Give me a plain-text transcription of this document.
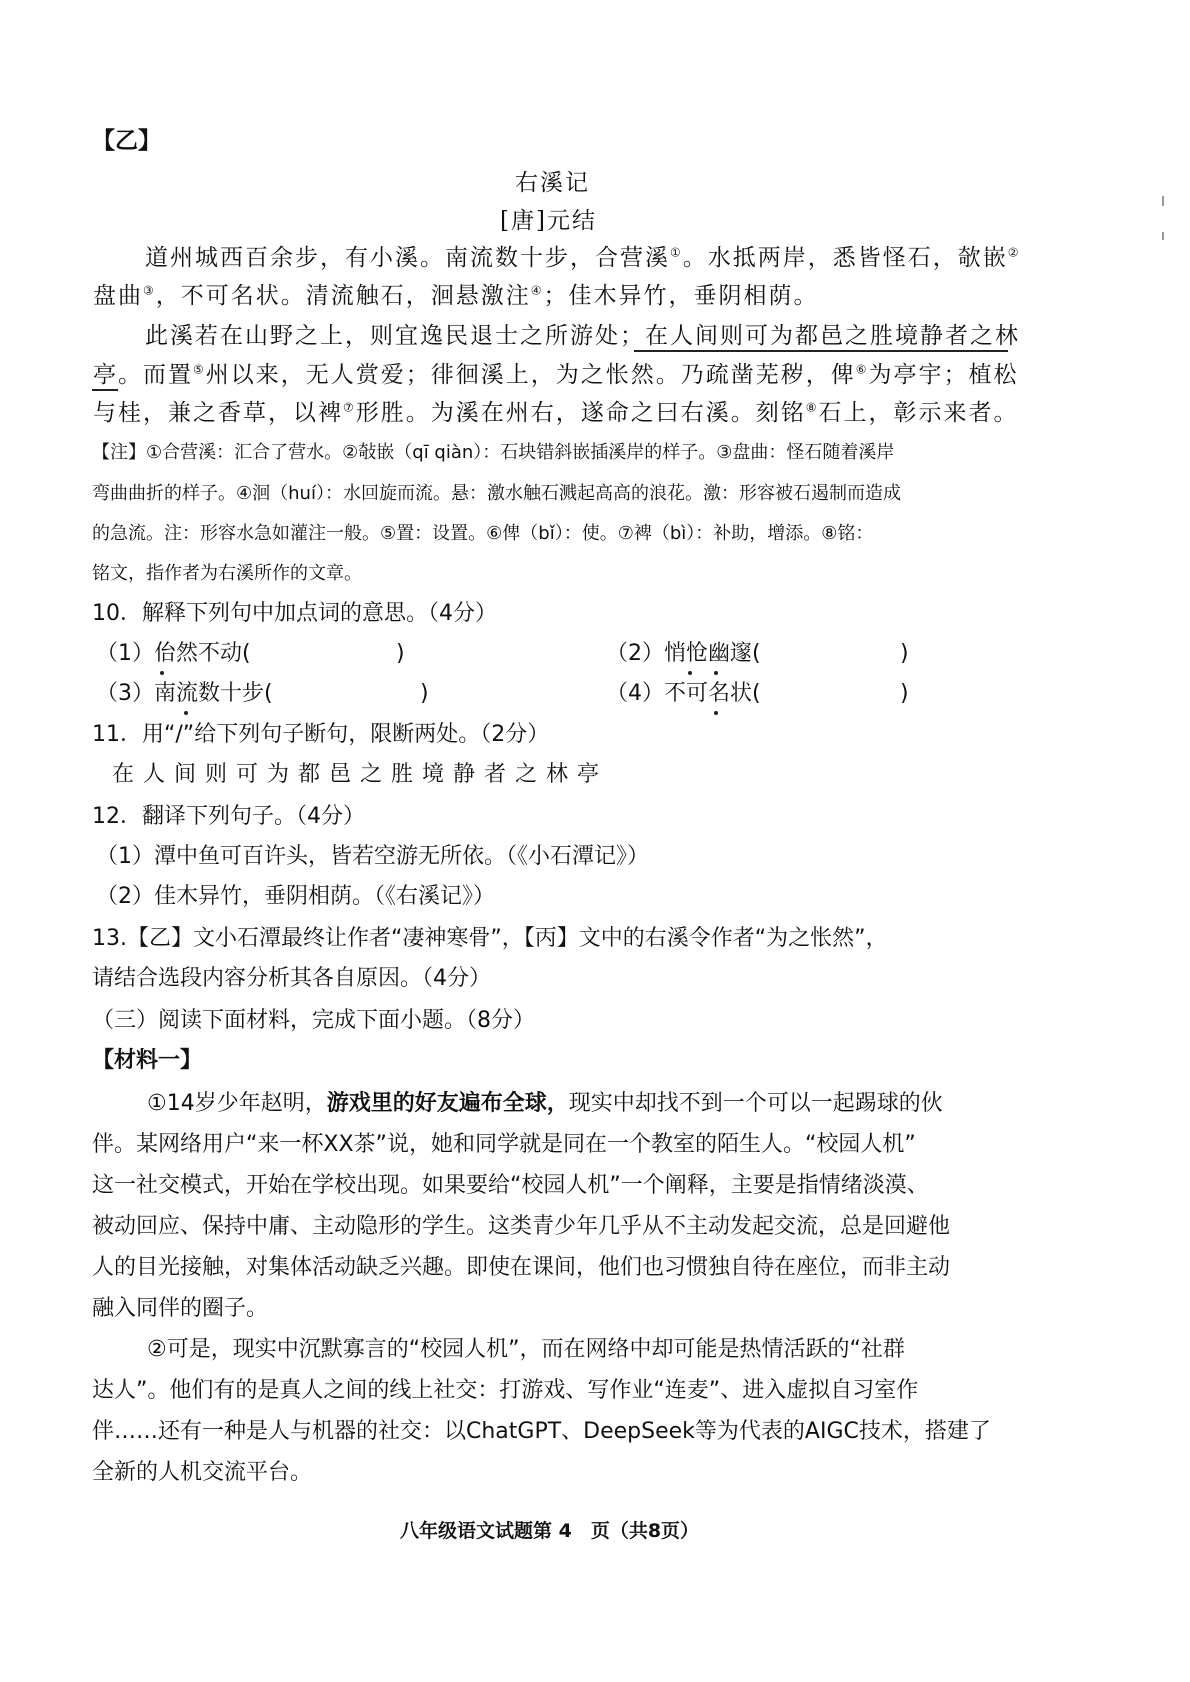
【乙】
右溪记
[唐]元结
道州城西百余步，有小溪。南流数十步，合营溪①。水抵两岸，悉皆怪石，欹嵌②
盘曲③，不可名状。清流触石，洄悬激注④；佳木异竹，垂阴相荫。
此溪若在山野之上，则宜逸民退士之所游处；在人间则可为都邑之胜境静者之林
亭。而置⑤州以来，无人赏爱；徘徊溪上，为之怅然。乃疏凿芜秽，俾⑥为亭宇；植松
与桂，兼之香草，以裨⑦形胜。为溪在州右，遂命之曰右溪。刻铭⑧石上，彰示来者。
【注】①合营溪：汇合了营水。②敧嵌（qī qiàn）：石块错斜嵌插溪岸的样子。③盘曲：怪石随着溪岸
弯曲曲折的样子。④洄（huí）：水回旋而流。悬：激水触石溅起高高的浪花。激：形容被石遏制而造成
的急流。注：形容水急如灌注一般。⑤置：设置。⑥俾（bǐ）：使。⑦裨（bì）：补助，增添。⑧铭：
铭文，指作者为右溪所作的文章。
10．解释下列句中加点词的意思。（4分）
（1）佁然不动(	)	（2）悄怆幽邃(	)
（3）南流数十步(	)	（4）不可名状(	)
11．用“/”给下列句子断句，限断两处。（2分）
在人间则可为都邑之胜境静者之林亭
12．翻译下列句子。（4分）
（1）潭中鱼可百许头，皆若空游无所依。（《小石潭记》）
（2）佳木异竹，垂阴相荫。（《右溪记》）
13.【乙】文小石潭最终让作者“凄神寒骨”，【丙】文中的右溪令作者“为之怅然”，
请结合选段内容分析其各自原因。（4分）
（三）阅读下面材料，完成下面小题。（8分）
【材料一】
①14岁少年赵明，游戏里的好友遍布全球，现实中却找不到一个可以一起踢球的伙
伴。某网络用户“来一杯XX茶”说，她和同学就是同在一个教室的陌生人。“校园人机”
这一社交模式，开始在学校出现。如果要给“校园人机”一个阐释，主要是指情绪淡漠、
被动回应、保持中庸、主动隐形的学生。这类青少年几乎从不主动发起交流，总是回避他
人的目光接触，对集体活动缺乏兴趣。即使在课间，他们也习惯独自待在座位，而非主动
融入同伴的圈子。
②可是，现实中沉默寡言的“校园人机”，而在网络中却可能是热情活跃的“社群
达人”。他们有的是真人之间的线上社交：打游戏、写作业“连麦”、进入虚拟自习室作
伴……还有一种是人与机器的社交：以ChatGPT、DeepSeek等为代表的AIGC技术，搭建了
全新的人机交流平台。
八年级语文试题第 4　页（共8页）
